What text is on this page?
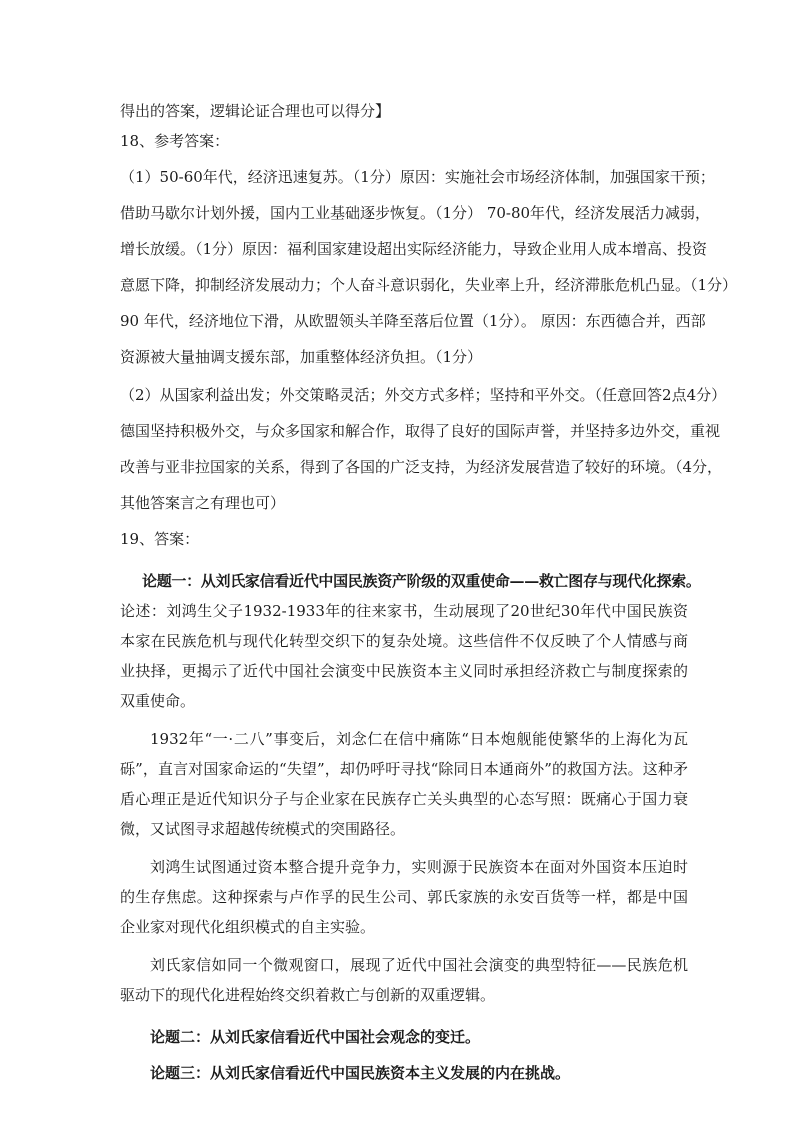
得出的答案，逻辑论证合理也可以得分】
18、参考答案：
（1）50-60年代，经济迅速复苏。（1分）原因：实施社会市场经济体制，加强国家干预；
借助马歇尔计划外援，国内工业基础逐步恢复。（1分） 70-80年代，经济发展活力减弱，
增长放缓。（1分）原因：福利国家建设超出实际经济能力，导致企业用人成本增高、投资
意愿下降，抑制经济发展动力；个人奋斗意识弱化，失业率上升，经济滞胀危机凸显。（1分）
90 年代，经济地位下滑，从欧盟领头羊降至落后位置（1分）。 原因：东西德合并，西部
资源被大量抽调支援东部，加重整体经济负担。（1分）
（2）从国家利益出发；外交策略灵活；外交方式多样；坚持和平外交。（任意回答2点4分）
德国坚持积极外交，与众多国家和解合作，取得了良好的国际声誉，并坚持多边外交，重视
改善与亚非拉国家的关系，得到了各国的广泛支持，为经济发展营造了较好的环境。（4分，
其他答案言之有理也可）
19、答案：
论题一：从刘氏家信看近代中国民族资产阶级的双重使命——救亡图存与现代化探索。
论述：刘鸿生父子1932-1933年的往来家书，生动展现了20世纪30年代中国民族资本家在民族危机与现代化转型交织下的复杂处境。这些信件不仅反映了个人情感与商业抉择，更揭示了近代中国社会演变中民族资本主义同时承担经济救亡与制度探索的双重使命。
1932年“一·二八”事变后，刘念仁在信中痛陈“日本炮舰能使繁华的上海化为瓦砾”，直言对国家命运的“失望”，却仍呼吁寻找“除同日本通商外”的救国方法。这种矛盾心理正是近代知识分子与企业家在民族存亡关头典型的心态写照：既痛心于国力衰微，又试图寻求超越传统模式的突围路径。
刘鸿生试图通过资本整合提升竞争力，实则源于民族资本在面对外国资本压迫时的生存焦虑。这种探索与卢作孚的民生公司、郭氏家族的永安百货等一样，都是中国企业家对现代化组织模式的自主实验。
刘氏家信如同一个微观窗口，展现了近代中国社会演变的典型特征——民族危机驱动下的现代化进程始终交织着救亡与创新的双重逻辑。
论题二：从刘氏家信看近代中国社会观念的变迁。
论题三：从刘氏家信看近代中国民族资本主义发展的内在挑战。
